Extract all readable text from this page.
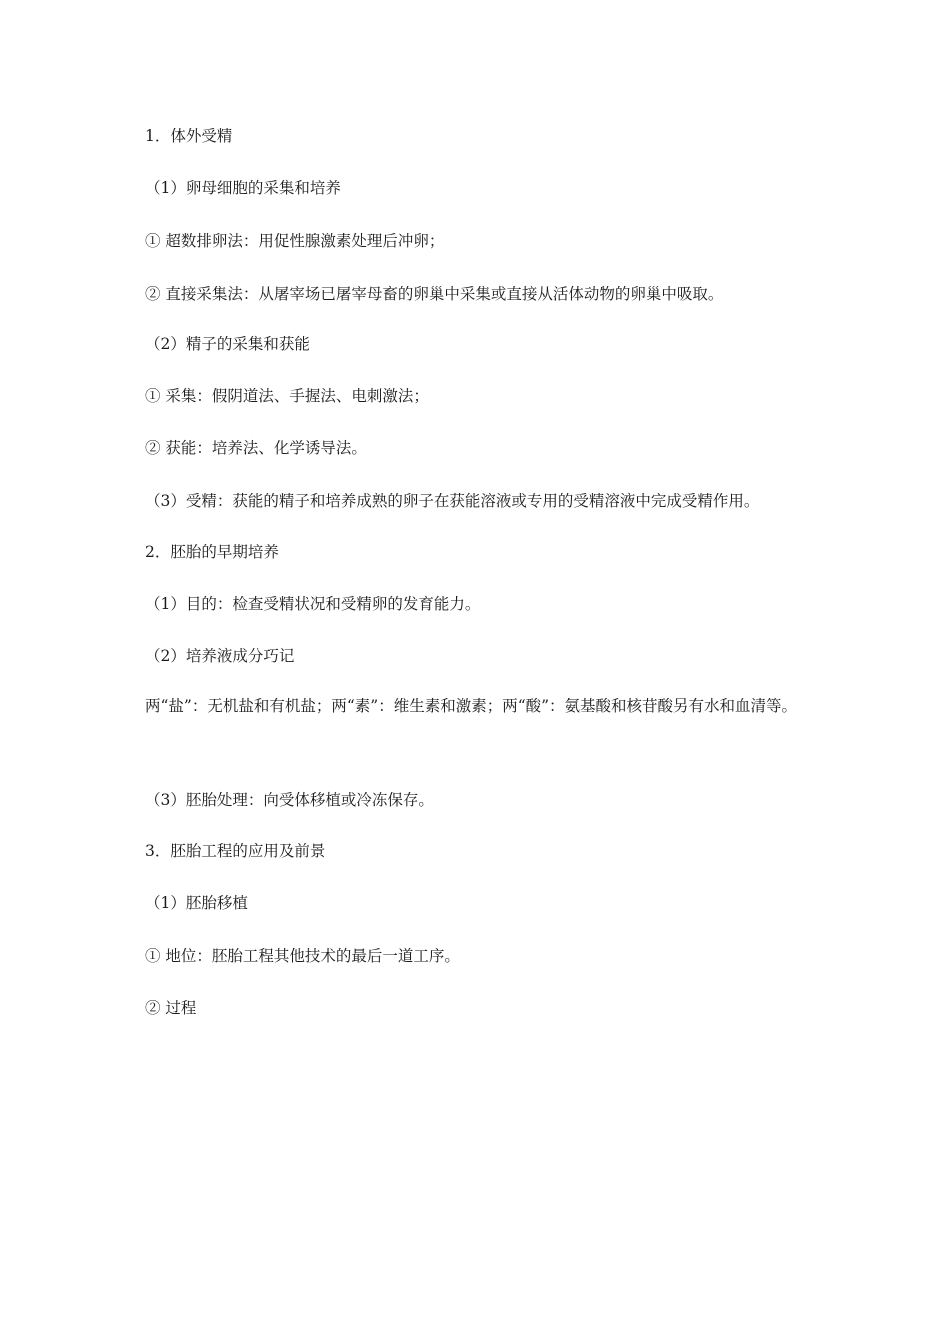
1．体外受精
（1）卵母细胞的采集和培养
① 超数排卵法：用促性腺激素处理后冲卵；
② 直接采集法：从屠宰场已屠宰母畜的卵巢中采集或直接从活体动物的卵巢中吸取。
（2）精子的采集和获能
① 采集：假阴道法、手握法、电刺激法；
② 获能：培养法、化学诱导法。
（3）受精：获能的精子和培养成熟的卵子在获能溶液或专用的受精溶液中完成受精作用。
2．胚胎的早期培养
（1）目的：检查受精状况和受精卵的发育能力。
（2）培养液成分巧记
两“盐”：无机盐和有机盐；两“素”：维生素和激素；两“酸”：氨基酸和核苷酸另有水和血清等。
（3）胚胎处理：向受体移植或冷冻保存。
3．胚胎工程的应用及前景
（1）胚胎移植
① 地位：胚胎工程其他技术的最后一道工序。
② 过程
